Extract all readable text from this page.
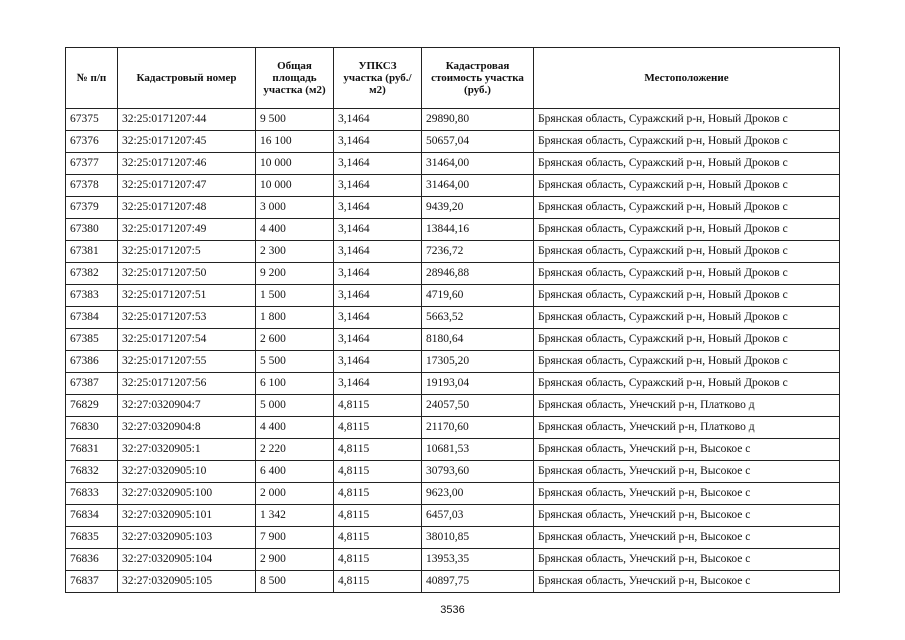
№ п/п	Кадастровый номер	Общая площадь участка (м2)	УПКСЗ участка (руб./м2)	Кадастровая стоимость участка (руб.)	Местоположение
67375	32:25:0171207:44	9 500	3,1464	29890,80	Брянская область, Суражский р-н, Новый Дроков с
67376	32:25:0171207:45	16 100	3,1464	50657,04	Брянская область, Суражский р-н, Новый Дроков с
67377	32:25:0171207:46	10 000	3,1464	31464,00	Брянская область, Суражский р-н, Новый Дроков с
67378	32:25:0171207:47	10 000	3,1464	31464,00	Брянская область, Суражский р-н, Новый Дроков с
67379	32:25:0171207:48	3 000	3,1464	9439,20	Брянская область, Суражский р-н, Новый Дроков с
67380	32:25:0171207:49	4 400	3,1464	13844,16	Брянская область, Суражский р-н, Новый Дроков с
67381	32:25:0171207:5	2 300	3,1464	7236,72	Брянская область, Суражский р-н, Новый Дроков с
67382	32:25:0171207:50	9 200	3,1464	28946,88	Брянская область, Суражский р-н, Новый Дроков с
67383	32:25:0171207:51	1 500	3,1464	4719,60	Брянская область, Суражский р-н, Новый Дроков с
67384	32:25:0171207:53	1 800	3,1464	5663,52	Брянская область, Суражский р-н, Новый Дроков с
67385	32:25:0171207:54	2 600	3,1464	8180,64	Брянская область, Суражский р-н, Новый Дроков с
67386	32:25:0171207:55	5 500	3,1464	17305,20	Брянская область, Суражский р-н, Новый Дроков с
67387	32:25:0171207:56	6 100	3,1464	19193,04	Брянская область, Суражский р-н, Новый Дроков с
76829	32:27:0320904:7	5 000	4,8115	24057,50	Брянская область, Унечский р-н, Платково д
76830	32:27:0320904:8	4 400	4,8115	21170,60	Брянская область, Унечский р-н, Платково д
76831	32:27:0320905:1	2 220	4,8115	10681,53	Брянская область, Унечский р-н, Высокое с
76832	32:27:0320905:10	6 400	4,8115	30793,60	Брянская область, Унечский р-н, Высокое с
76833	32:27:0320905:100	2 000	4,8115	9623,00	Брянская область, Унечский р-н, Высокое с
76834	32:27:0320905:101	1 342	4,8115	6457,03	Брянская область, Унечский р-н, Высокое с
76835	32:27:0320905:103	7 900	4,8115	38010,85	Брянская область, Унечский р-н, Высокое с
76836	32:27:0320905:104	2 900	4,8115	13953,35	Брянская область, Унечский р-н, Высокое с
76837	32:27:0320905:105	8 500	4,8115	40897,75	Брянская область, Унечский р-н, Высокое с
3536
